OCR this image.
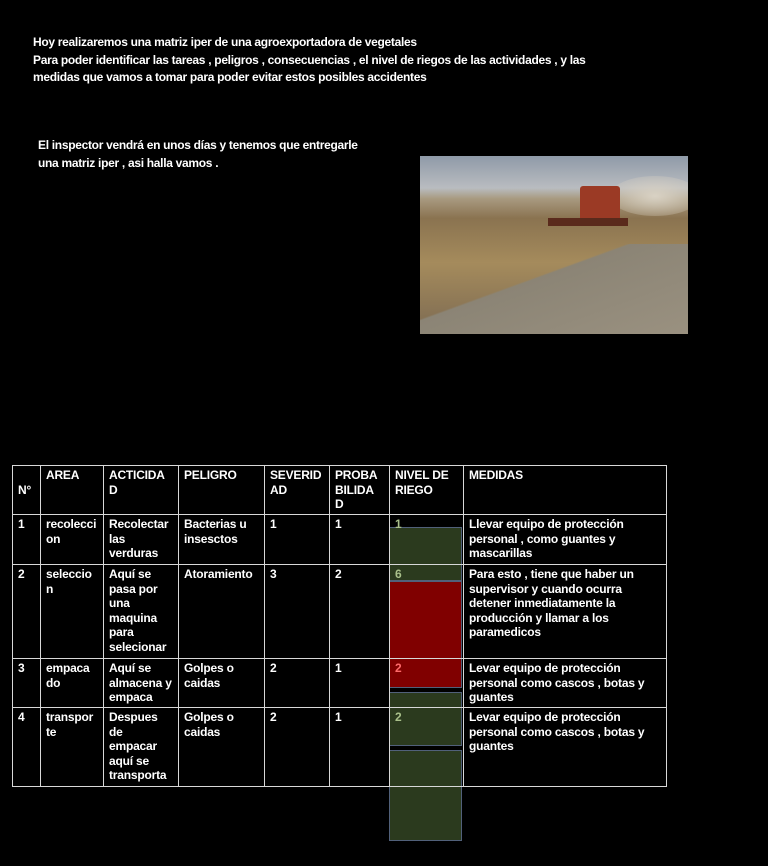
Hoy realizaremos una matriz iper de una agroexportadora de vegetales
Para poder identificar las tareas , peligros , consecuencias , el nivel de riegos de las actividades , y las
medidas que vamos a tomar para poder evitar estos posibles accidentes
El inspector vendrá en unos días y tenemos que entregarle
una matriz iper , asi halla vamos .
N°	AREA	ACTICIDA D	PELIGRO	SEVERID AD	PROBA BILIDA D	NIVEL DE RIEGO	MEDIDAS
1	recolecci on	Recolectar las verduras	Bacterias u insesctos	1	1	1	Llevar equipo de protección personal , como guantes y mascarillas
2	seleccio n	Aquí se pasa por una maquina para selecionar	Atoramiento	3	2	6	Para esto , tiene que haber un supervisor y cuando ocurra detener inmediatamente la producción y llamar a los paramedicos
3	empaca do	Aquí se almacena y empaca	Golpes o caidas	2	1	2	Levar equipo de protección personal como cascos , botas y guantes
4	transpor te	Despues de empacar aquí se transporta	Golpes o caidas	2	1	2	Levar equipo de protección personal como cascos , botas y guantes
